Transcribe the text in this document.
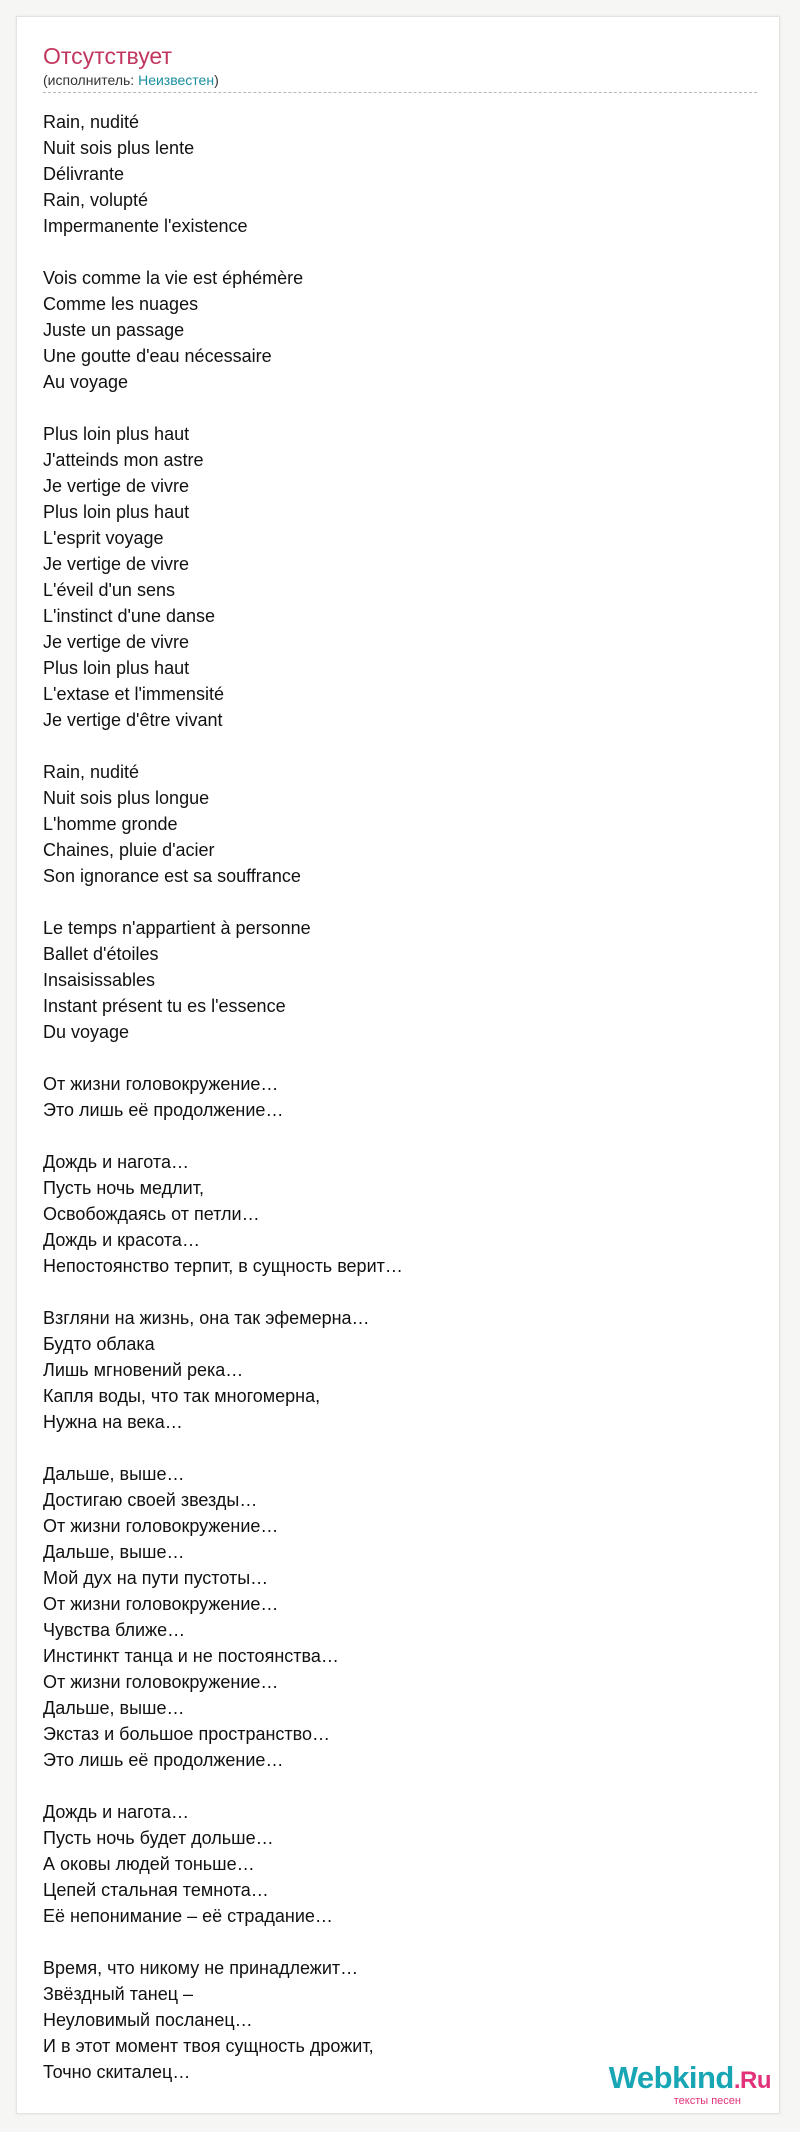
Отсутствует
(исполнитель: Неизвестен)
Rain, nudité
Nuit sois plus lente
Délivrante
Rain, volupté
Impermanente l'existence
Vois comme la vie est éphémère
Comme les nuages
Juste un passage
Une goutte d'eau nécessaire
Au voyage
Plus loin plus haut
J'atteinds mon astre
Je vertige de vivre
Plus loin plus haut
L'esprit voyage
Je vertige de vivre
L'éveil d'un sens
L'instinct d'une danse
Je vertige de vivre
Plus loin plus haut
L'extase et l'immensité
Je vertige d'être vivant
Rain, nudité
Nuit sois plus longue
L'homme gronde
Chaines, pluie d'acier
Son ignorance est sa souffrance
Le temps n'appartient à personne
Ballet d'étoiles
Insaisissables
Instant présent tu es l'essence
Du voyage
От жизни головокружение…
Это лишь её продолжение…
Дождь и нагота…
Пусть ночь медлит,
Освобождаясь от петли…
Дождь и красота…
Непостоянство терпит, в сущность верит…
Взгляни на жизнь, она так эфемерна…
Будто облака
Лишь мгновений река…
Капля воды, что так многомерна,
Нужна на века…
Дальше, выше…
Достигаю своей звезды…
От жизни головокружение…
Дальше, выше…
Мой дух на пути пустоты…
От жизни головокружение…
Чувства ближе…
Инстинкт танца и не постоянства…
От жизни головокружение…
Дальше, выше…
Экстаз и большое пространство…
Это лишь её продолжение…
Дождь и нагота…
Пусть ночь будет дольше…
А оковы людей тоньше…
Цепей стальная темнота…
Её непонимание – её страдание…
Время, что никому не принадлежит…
Звёздный танец –
Неуловимый посланец…
И в этот момент твоя сущность дрожит,
Точно скиталец…	Webkind.Ru
тексты песен
